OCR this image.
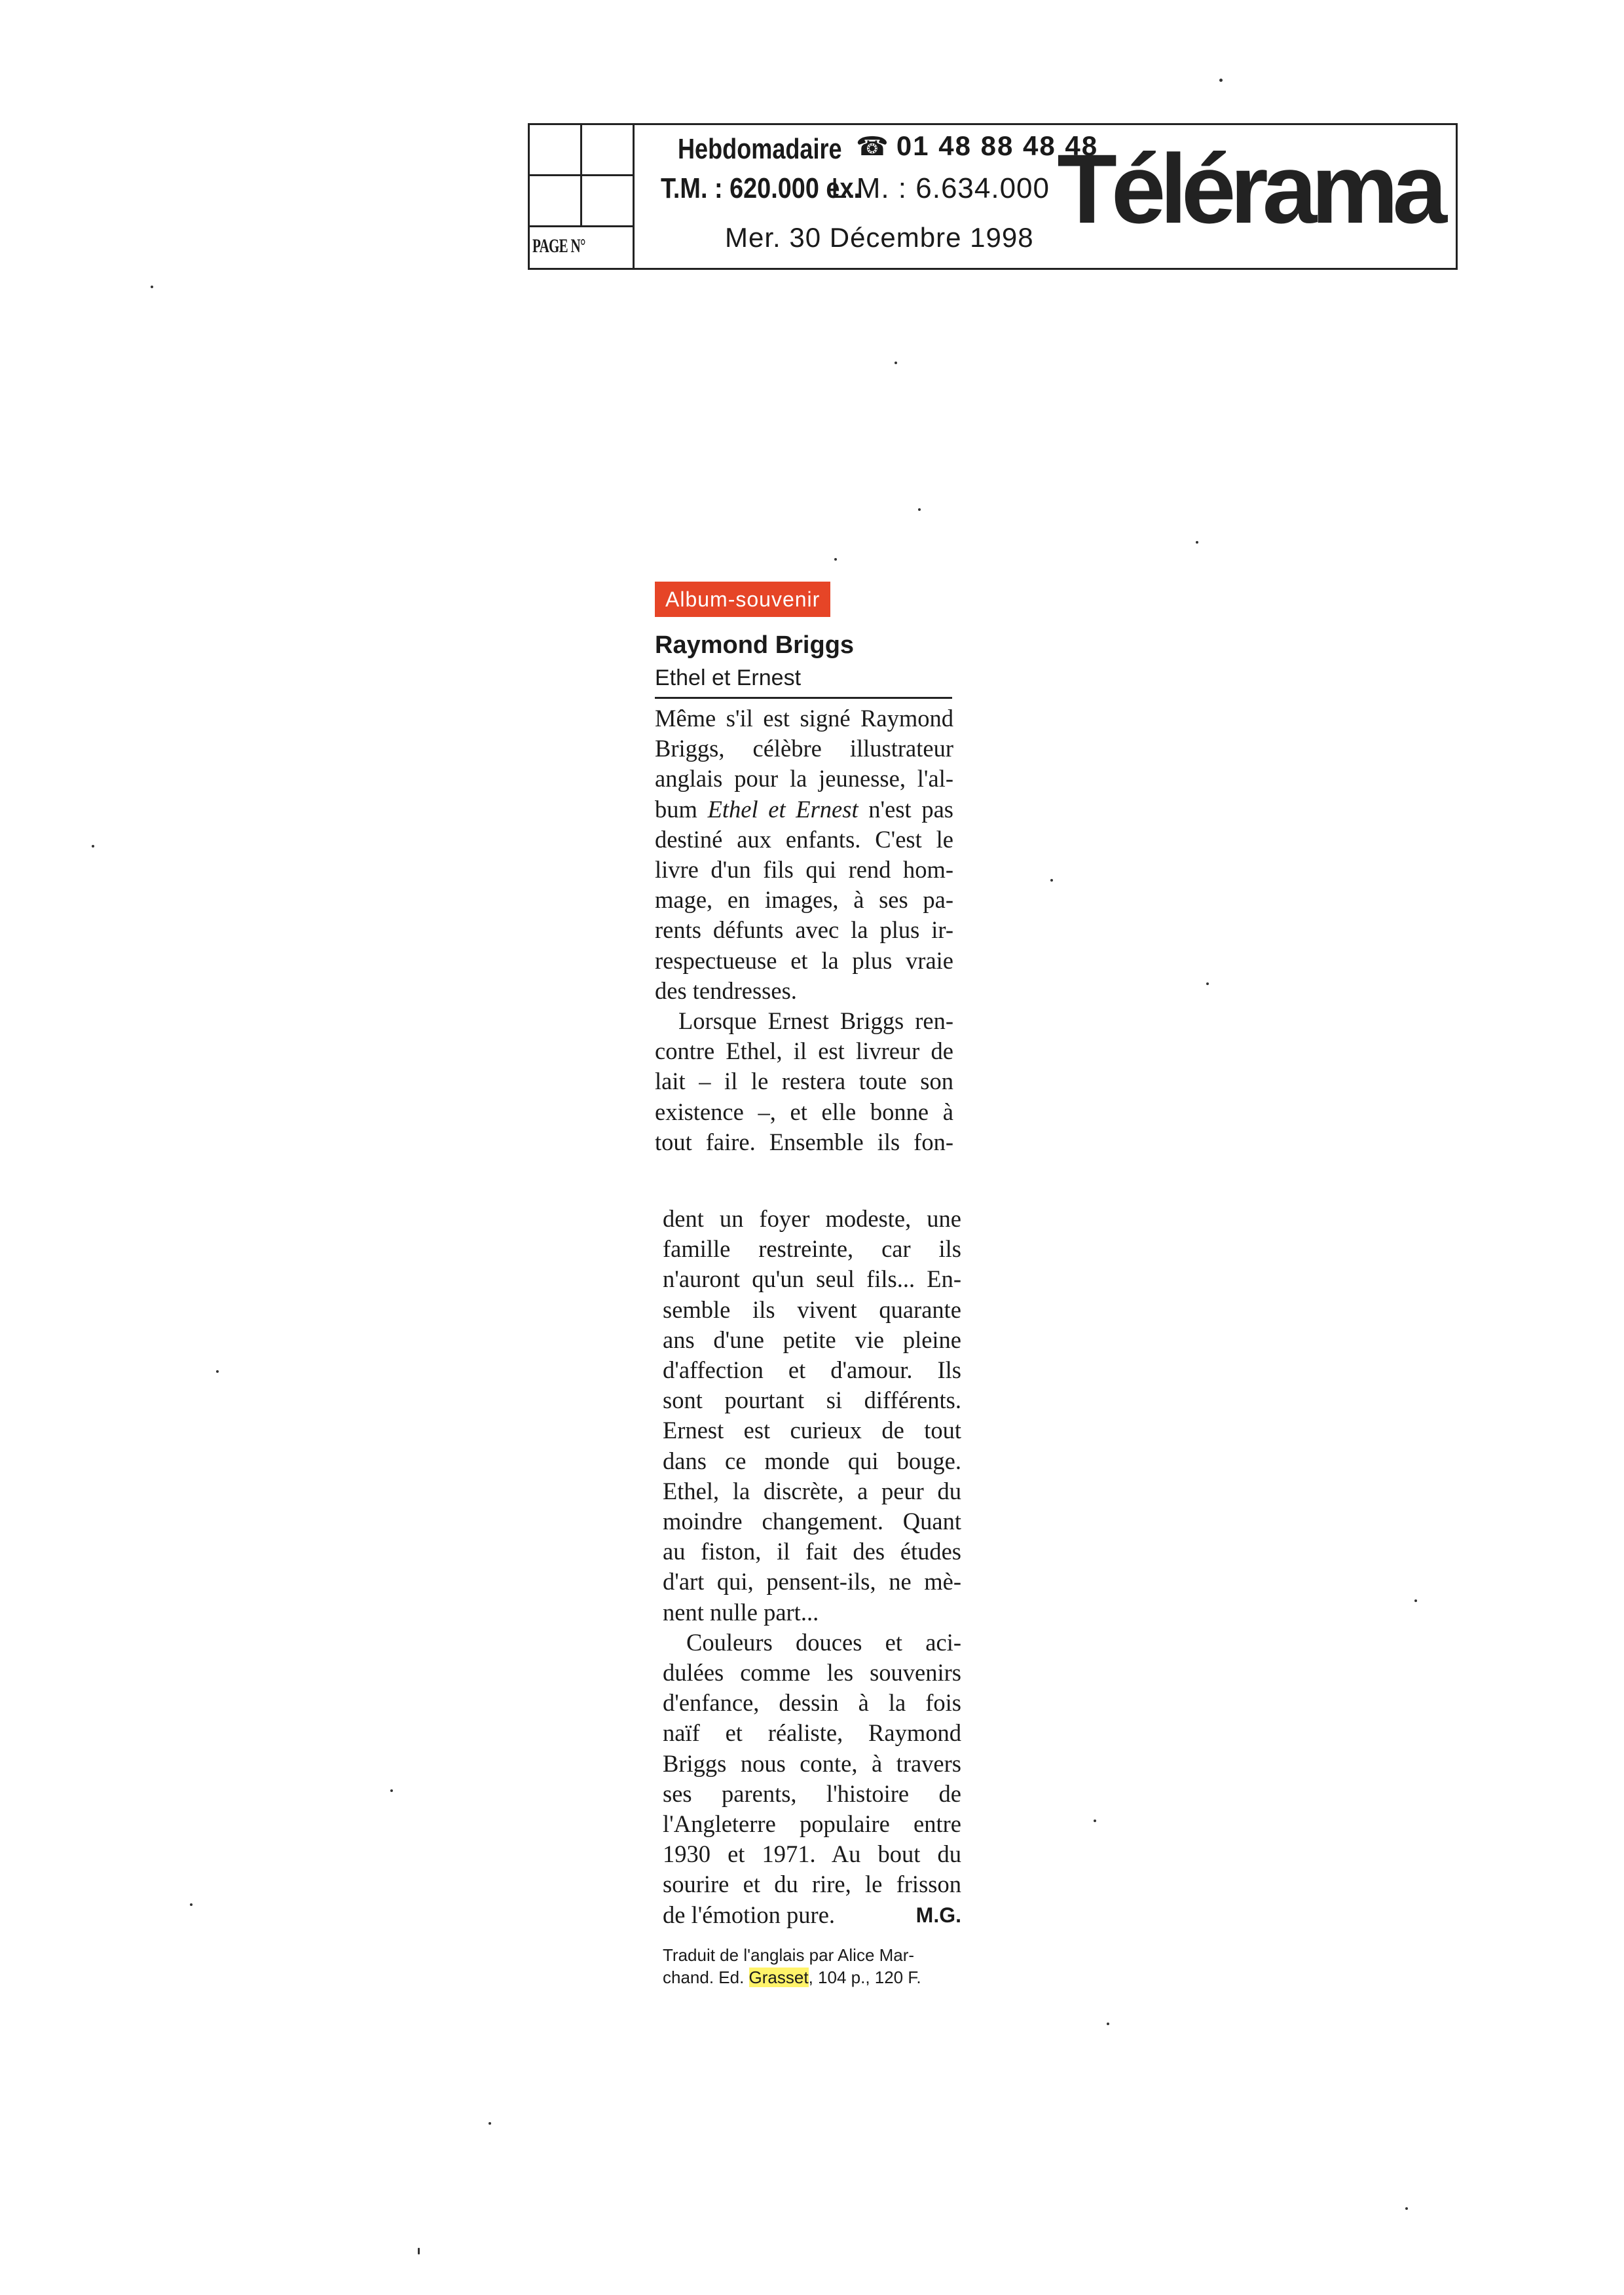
PAGE N°
Hebdomadaire ☎ 01 48 88 48 48
T.M. : 620.000 ex.
L.M. : 6.634.000
Mer. 30 Décembre 1998 Télérama
Album-souvenir
Raymond Briggs
Ethel et Ernest
Même s'il est signé Raymond
Briggs, célèbre illustrateur
anglais pour la jeunesse, l'al-
bum Ethel et Ernest n'est pas
destiné aux enfants. C'est le
livre d'un fils qui rend hom-
mage, en images, à ses pa-
rents défunts avec la plus ir-
respectueuse et la plus vraie
des tendresses.
Lorsque Ernest Briggs ren-
contre Ethel, il est livreur de
lait – il le restera toute son
existence –, et elle bonne à
tout faire. Ensemble ils fon-
dent un foyer modeste, une
famille restreinte, car ils
n'auront qu'un seul fils... En-
semble ils vivent quarante
ans d'une petite vie pleine
d'affection et d'amour. Ils
sont pourtant si différents.
Ernest est curieux de tout
dans ce monde qui bouge.
Ethel, la discrète, a peur du
moindre changement. Quant
au fiston, il fait des études
d'art qui, pensent-ils, ne mè-
nent nulle part...
Couleurs douces et aci-
dulées comme les souvenirs
d'enfance, dessin à la fois
naïf et réaliste, Raymond
Briggs nous conte, à travers
ses parents, l'histoire de
l'Angleterre populaire entre
1930 et 1971. Au bout du
sourire et du rire, le frisson
de l'émotion pure.	M.G.
Traduit de l'anglais par Alice Mar-
chand. Ed. Grasset, 104 p., 120 F.
